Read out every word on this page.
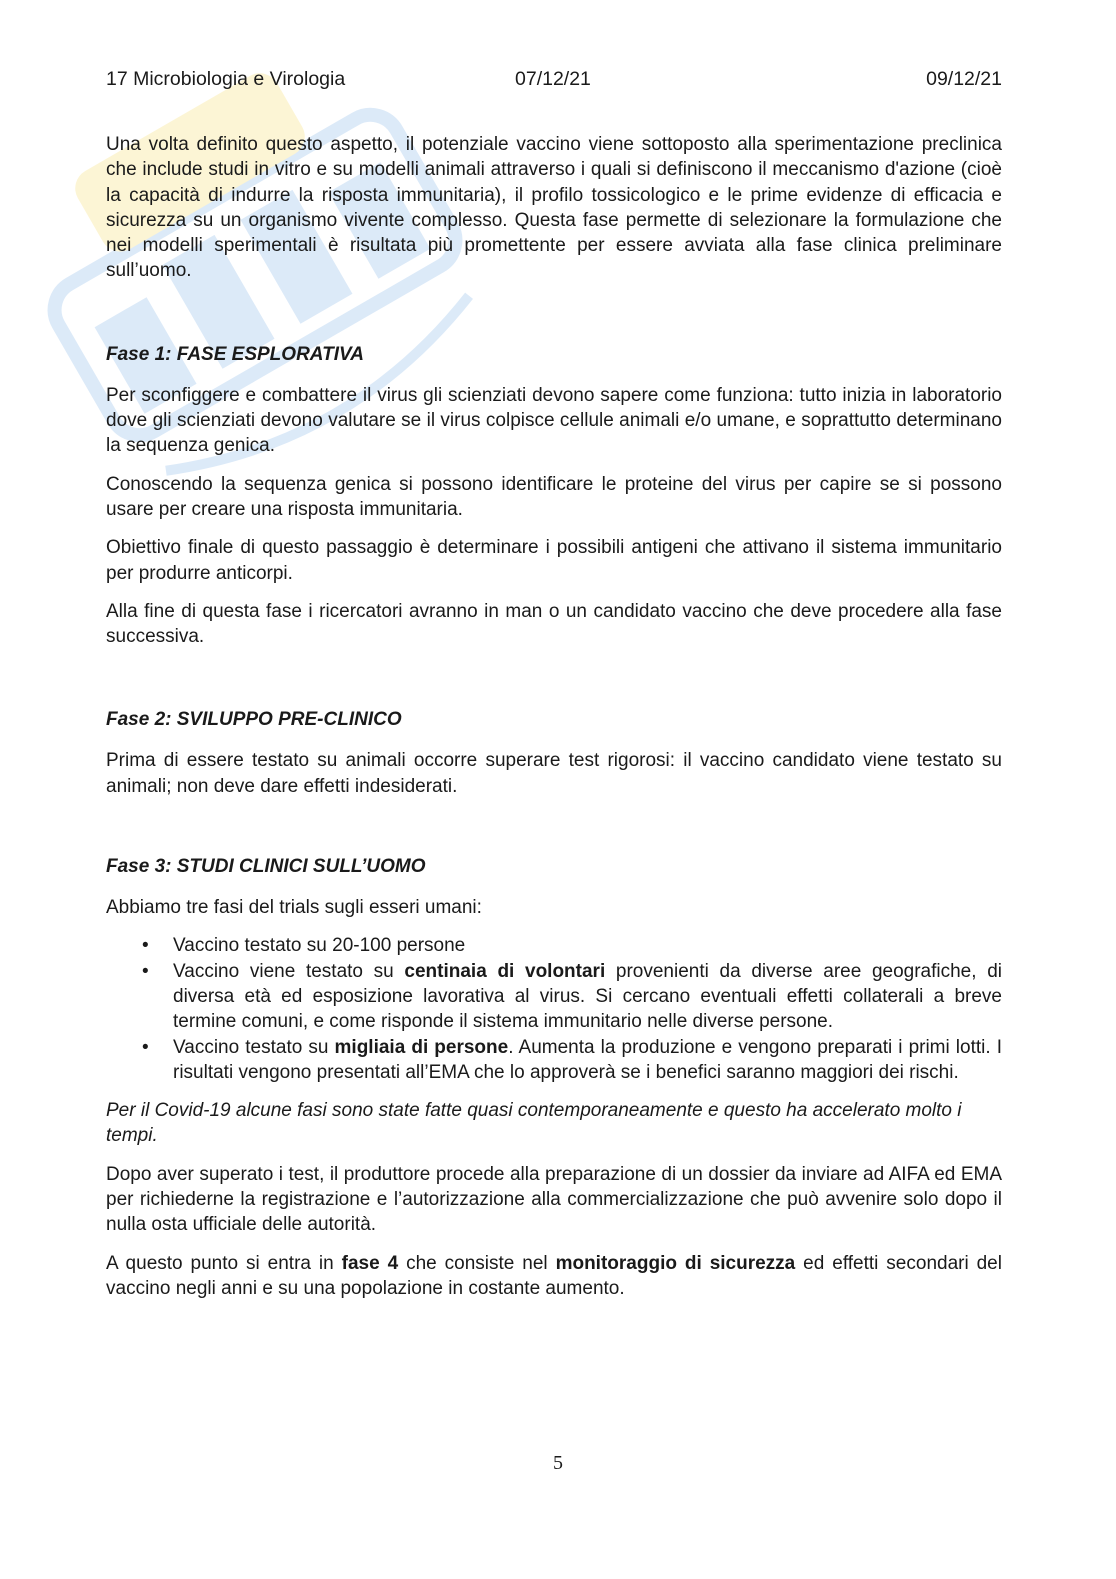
17 Microbiologia e Virologia	07/12/21	09/12/21

Una volta definito questo aspetto, il potenziale vaccino viene sottoposto alla sperimentazione preclinica che include studi in vitro e su modelli animali attraverso i quali si definiscono il meccanismo d'azione (cioè la capacità di indurre la risposta immunitaria), il profilo tossicologico e le prime evidenze di efficacia e sicurezza su un organismo vivente complesso. Questa fase permette di selezionare la formulazione che nei modelli sperimentali è risultata più promettente per essere avviata alla fase clinica preliminare sull’uomo.

Fase 1: FASE ESPLORATIVA

Per sconfiggere e combattere il virus gli scienziati devono sapere come funziona: tutto inizia in laboratorio dove gli scienziati devono valutare se il virus colpisce cellule animali e/o umane, e soprattutto determinano la sequenza genica.

Conoscendo la sequenza genica si possono identificare le proteine del virus per capire se si possono usare per creare una risposta immunitaria.

Obiettivo finale di questo passaggio è determinare i possibili antigeni che attivano il sistema immunitario per produrre anticorpi.

Alla fine di questa fase i ricercatori avranno in man o un candidato vaccino che deve procedere alla fase successiva.

Fase 2: SVILUPPO PRE-CLINICO

Prima di essere testato su animali occorre superare test rigorosi: il vaccino candidato viene testato su animali; non deve dare effetti indesiderati.

Fase 3: STUDI CLINICI SULL’UOMO

Abbiamo tre fasi del trials sugli esseri umani:

• Vaccino testato su 20-100 persone
• Vaccino viene testato su centinaia di volontari provenienti da diverse aree geografiche, di diversa età ed esposizione lavorativa al virus. Si cercano eventuali effetti collaterali a breve termine comuni, e come risponde il sistema immunitario nelle diverse persone.
• Vaccino testato su migliaia di persone. Aumenta la produzione e vengono preparati i primi lotti. I risultati vengono presentati all’EMA che lo approverà se i benefici saranno maggiori dei rischi.

Per il Covid-19 alcune fasi sono state fatte quasi contemporaneamente e questo ha accelerato molto i tempi.

Dopo aver superato i test, il produttore procede alla preparazione di un dossier da inviare ad AIFA ed EMA per richiederne la registrazione e l’autorizzazione alla commercializzazione che può avvenire solo dopo il nulla osta ufficiale delle autorità.

A questo punto si entra in fase 4 che consiste nel monitoraggio di sicurezza ed effetti secondari del vaccino negli anni e su una popolazione in costante aumento.

5
